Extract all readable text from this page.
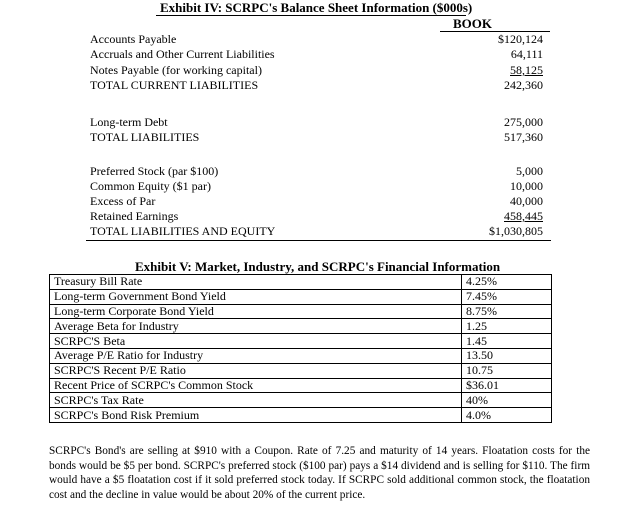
Exhibit IV: SCRPC's Balance Sheet Information ($000s)
BOOK
Accounts Payable	$120,124
Accruals and Other Current Liabilities	64,111
Notes Payable (for working capital)	58,125
TOTAL CURRENT LIABILITIES	242,360
Long-term Debt	275,000
TOTAL LIABILITIES	517,360
Preferred Stock (par $100)	5,000
Common Equity ($1 par)	10,000
Excess of Par	40,000
Retained Earnings	458,445
TOTAL LIABILITIES AND EQUITY	$1,030,805
Exhibit V: Market, Industry, and SCRPC's Financial Information
Treasury Bill Rate	4.25%
Long-term Government Bond Yield	7.45%
Long-term Corporate Bond Yield	8.75%
Average Beta for Industry	1.25
SCRPC'S Beta	1.45
Average P/E Ratio for Industry	13.50
SCRPC'S Recent P/E Ratio	10.75
Recent Price of SCRPC's Common Stock	$36.01
SCRPC's Tax Rate	40%
SCRPC's Bond Risk Premium	4.0%
SCRPC's Bond's are selling at $910 with a Coupon. Rate of 7.25 and maturity of 14 years. Floatation costs for the bonds would be $5 per bond. SCRPC's preferred stock ($100 par) pays a $14 dividend and is selling for $110. The firm would have a $5 floatation cost if it sold preferred stock today. If SCRPC sold additional common stock, the floatation cost and the decline in value would be about 20% of the current price.
